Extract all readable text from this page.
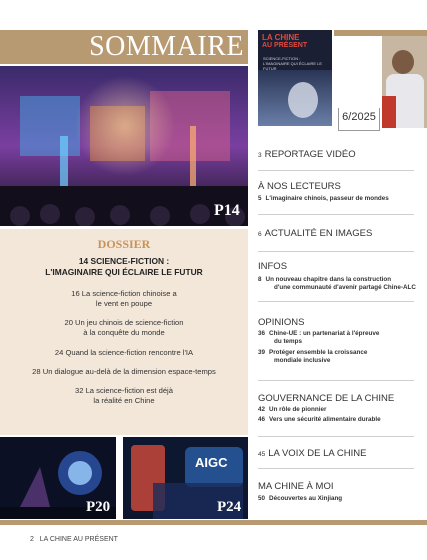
SOMMAIRE
P14
LA CHINE
AU PRÉSENT
SCIENCE-FICTION : L'IMAGINAIRE QUI ÉCLAIRE LE FUTUR
6/2025
DOSSIER
14 SCIENCE-FICTION :
L'IMAGINAIRE QUI ÉCLAIRE LE FUTUR
16 La science-fiction chinoise a
le vent en poupe
20 Un jeu chinois de science-fiction
à la conquête du monde
24 Quand la science-fiction rencontre l'IA
28 Un dialogue au-delà de la dimension espace-temps
32 La science-fiction est déjà
la réalité en Chine
P20
AIGC
P24
3 REPORTAGE VIDÉO
À NOS LECTEURS
5 L'imaginaire chinois, passeur de mondes
6 ACTUALITÉ EN IMAGES
INFOS
8 Un nouveau chapitre dans la construction
d'une communauté d'avenir partagé Chine-ALC
OPINIONS
36 Chine-UE : un partenariat à l'épreuve
du temps
39 Protéger ensemble la croissance
mondiale inclusive
GOUVERNANCE DE LA CHINE
42 Un rôle de pionnier
46 Vers une sécurité alimentaire durable
45 LA VOIX DE LA CHINE
MA CHINE À MOI
50 Découvertes au Xinjiang
2 LA CHINE AU PRÉSENT
